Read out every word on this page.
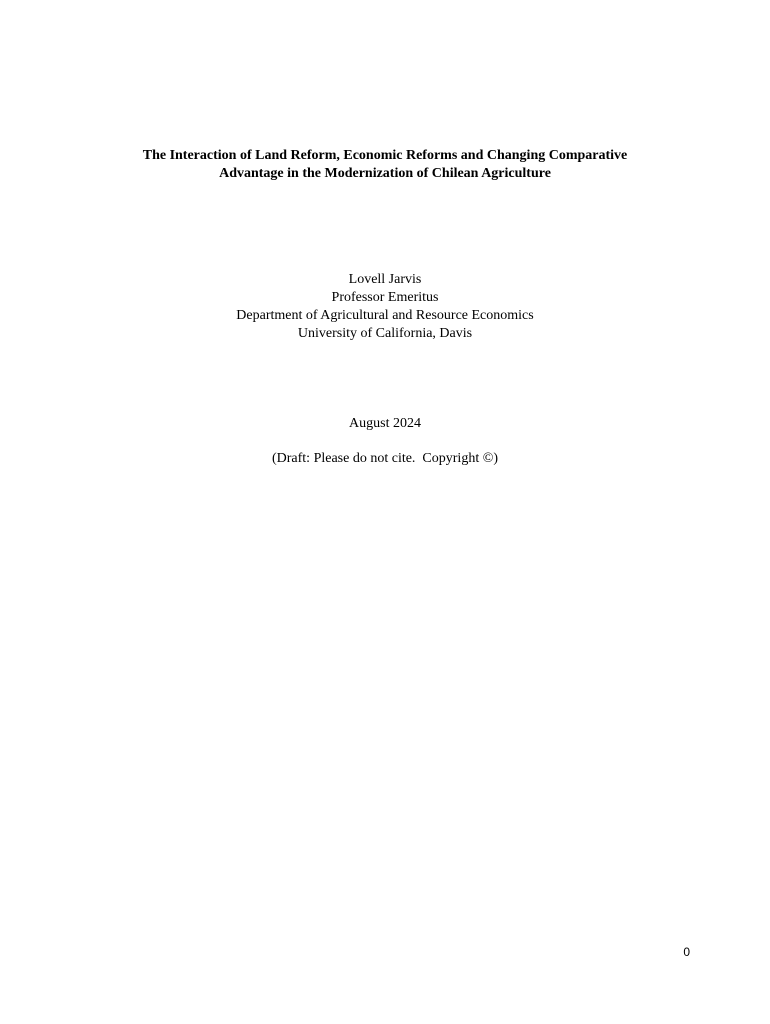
The Interaction of Land Reform, Economic Reforms and Changing Comparative
Advantage in the Modernization of Chilean Agriculture
Lovell Jarvis
Professor Emeritus
Department of Agricultural and Resource Economics
University of California, Davis
August 2024
(Draft: Please do not cite.  Copyright ©)
0
